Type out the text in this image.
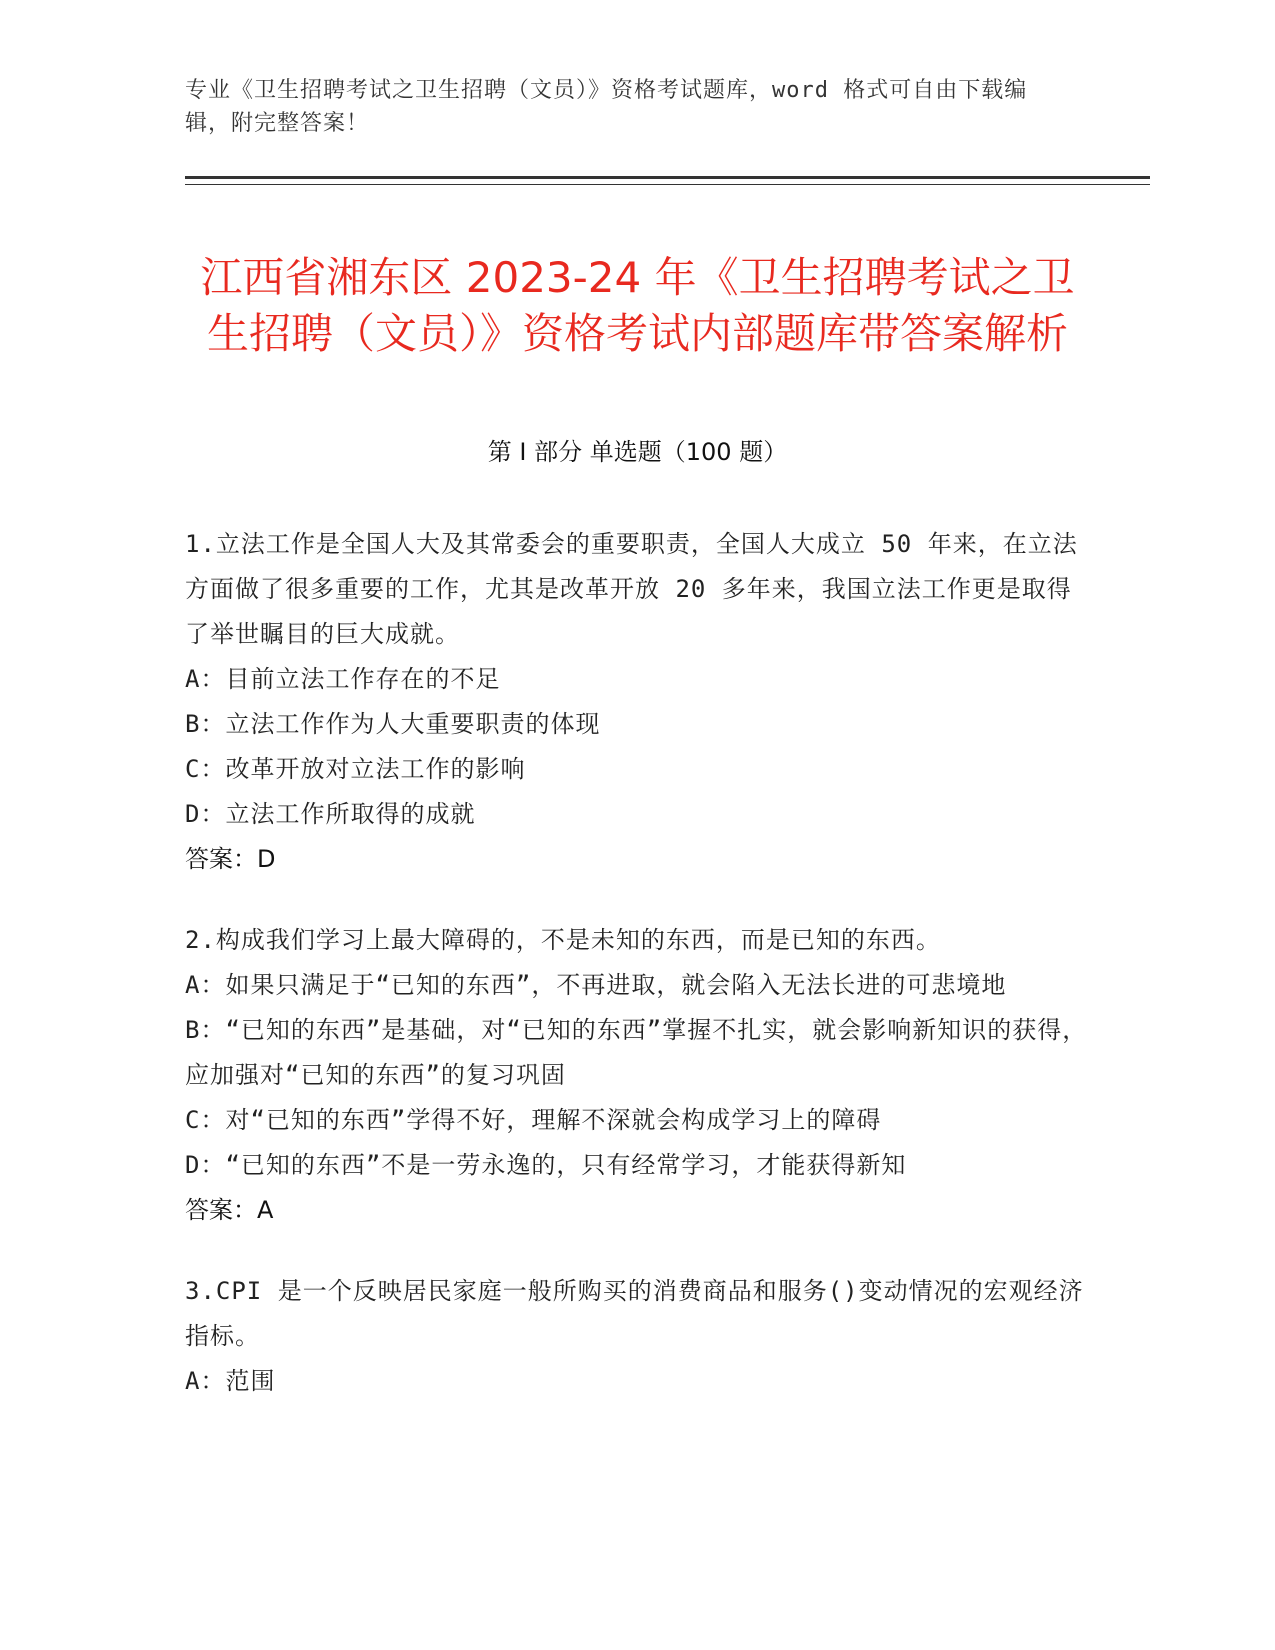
专业《卫生招聘考试之卫生招聘（文员）》资格考试题库，word 格式可自由下载编辑，附完整答案！
江西省湘东区 2023-24 年《卫生招聘考试之卫生招聘（文员）》资格考试内部题库带答案解析
第 I 部分 单选题（100 题）

1.立法工作是全国人大及其常委会的重要职责，全国人大成立 50 年来，在立法方面做了很多重要的工作，尤其是改革开放 20 多年来，我国立法工作更是取得了举世瞩目的巨大成就。

A：目前立法工作存在的不足

B：立法工作作为人大重要职责的体现

C：改革开放对立法工作的影响

D：立法工作所取得的成就

答案：D

2.构成我们学习上最大障碍的，不是未知的东西，而是已知的东西。

A：如果只满足于“已知的东西”，不再进取，就会陷入无法长进的可悲境地

B：“已知的东西”是基础，对“已知的东西”掌握不扎实，就会影响新知识的获得，应加强对“已知的东西”的复习巩固

C：对“已知的东西”学得不好，理解不深就会构成学习上的障碍

D：“已知的东西”不是一劳永逸的，只有经常学习，才能获得新知

答案：A

3.CPI 是一个反映居民家庭一般所购买的消费商品和服务()变动情况的宏观经济指标。

A：范围
